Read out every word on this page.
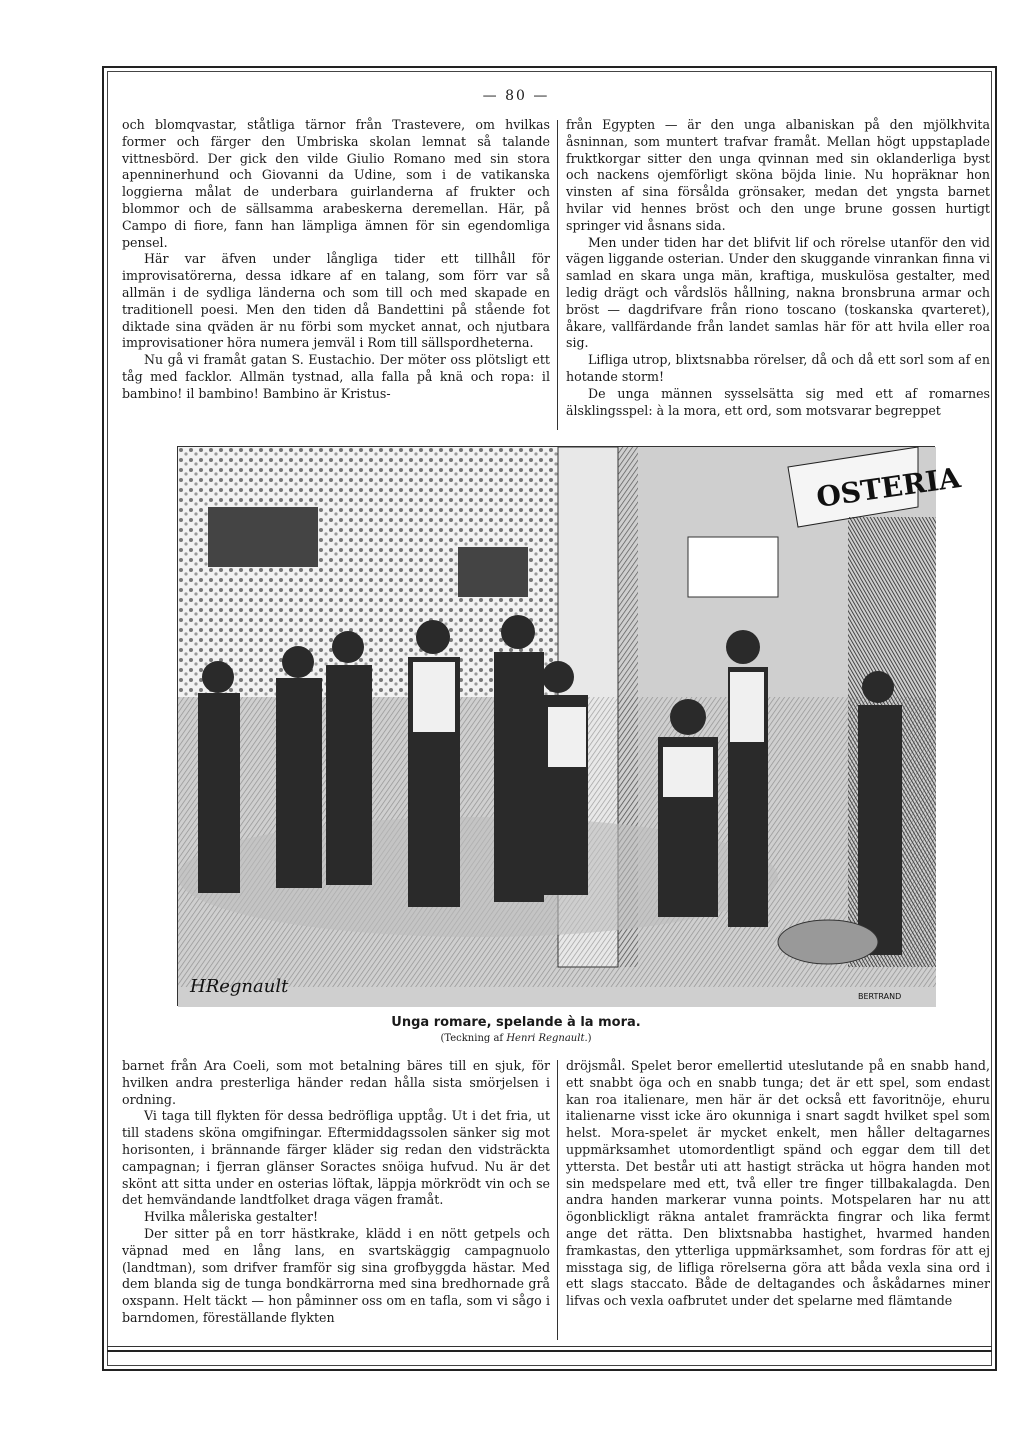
— 80 —

och blomqvastar, ståtliga tärnor från Trastevere, om hvilkas former och färger den Umbriska skolan lemnat så talande vittnesbörd. Der gick den vilde Giulio Romano med sin stora apenninerhund och Giovanni da Udine, som i de vatikanska loggierna målat de underbara guirlanderna af frukter och blommor och de sällsamma arabeskerna deremellan. Här, på Campo di fiore, fann han lämpliga ämnen för sin egendomliga pensel.

Här var äfven under långliga tider ett tillhåll för improvisatörerna, dessa idkare af en talang, som förr var så allmän i de sydliga länderna och som till och med skapade en traditionell poesi. Men den tiden då Bandettini på stående fot diktade sina qväden är nu förbi som mycket annat, och njutbara improvisationer höra numera jemväl i Rom till sällspordheterna.

Nu gå vi framåt gatan S. Eustachio. Der möter oss plötsligt ett tåg med facklor. Allmän tystnad, alla falla på knä och ropa: il bambino! il bambino! Bambino är Kristus-

från Egypten — är den unga albaniskan på den mjölkhvita åsninnan, som muntert trafvar framåt. Mellan högt uppstaplade fruktkorgar sitter den unga qvinnan med sin oklanderliga byst och nackens ojemförligt sköna böjda linie. Nu hopräknar hon vinsten af sina försålda grönsaker, medan det yngsta barnet hvilar vid hennes bröst och den unge brune gossen hurtigt springer vid åsnans sida.

Men under tiden har det blifvit lif och rörelse utanför den vid vägen liggande osterian. Under den skuggande vinrankan finna vi samlad en skara unga män, kraftiga, muskulösa gestalter, med ledig drägt och vårdslös hållning, nakna bronsbruna armar och bröst — dagdrifvare från riono toscano (toskanska qvarteret), åkare, vallfärdande från landet samlas här för att hvila eller roa sig.

Lifliga utrop, blixtsnabba rörelser, då och då ett sorl som af en hotande storm!

De unga männen sysselsätta sig med ett af romarnes älsklingsspel: à la mora, ett ord, som motsvarar begreppet

OSTERIA
HRegnault	BERTRAND
Unga romare, spelande à la mora.
(Teckning af Henri Regnault.)

barnet från Ara Coeli, som mot betalning bäres till en sjuk, för hvilken andra presterliga händer redan hålla sista smörjelsen i ordning.

Vi taga till flykten för dessa bedröfliga upptåg. Ut i det fria, ut till stadens sköna omgifningar. Eftermiddagssolen sänker sig mot horisonten, i brännande färger kläder sig redan den vidsträckta campagnan; i fjerran glänser Soractes snöiga hufvud. Nu är det skönt att sitta under en osterias löftak, läppja mörkrödt vin och se det hemvändande landtfolket draga vägen framåt.

Hvilka måleriska gestalter!

Der sitter på en torr hästkrake, klädd i en nött getpels och väpnad med en lång lans, en svartskäggig campagnuolo (landtman), som drifver framför sig sina grofbyggda hästar. Med dem blanda sig de tunga bondkärrorna med sina bredhornade grå oxspann. Helt täckt — hon påminner oss om en tafla, som vi sågo i barndomen, föreställande flykten

dröjsmål. Spelet beror emellertid uteslutande på en snabb hand, ett snabbt öga och en snabb tunga; det är ett spel, som endast kan roa italienare, men här är det också ett favoritnöje, ehuru italienarne visst icke äro okunniga i snart sagdt hvilket spel som helst. Mora-spelet är mycket enkelt, men håller deltagarnes uppmärksamhet utomordentligt spänd och eggar dem till det yttersta. Det består uti att hastigt sträcka ut högra handen mot sin medspelare med ett, två eller tre finger tillbakalagda. Den andra handen markerar vunna points. Motspelaren har nu att ögonblickligt räkna antalet framräckta fingrar och lika fermt ange det rätta. Den blixtsnabba hastighet, hvarmed handen framkastas, den ytterliga uppmärksamhet, som fordras för att ej misstaga sig, de lifliga rörelserna göra att båda vexla sina ord i ett slags staccato. Både de deltagandes och åskådarnes miner lifvas och vexla oafbrutet under det spelarne med flämtande
